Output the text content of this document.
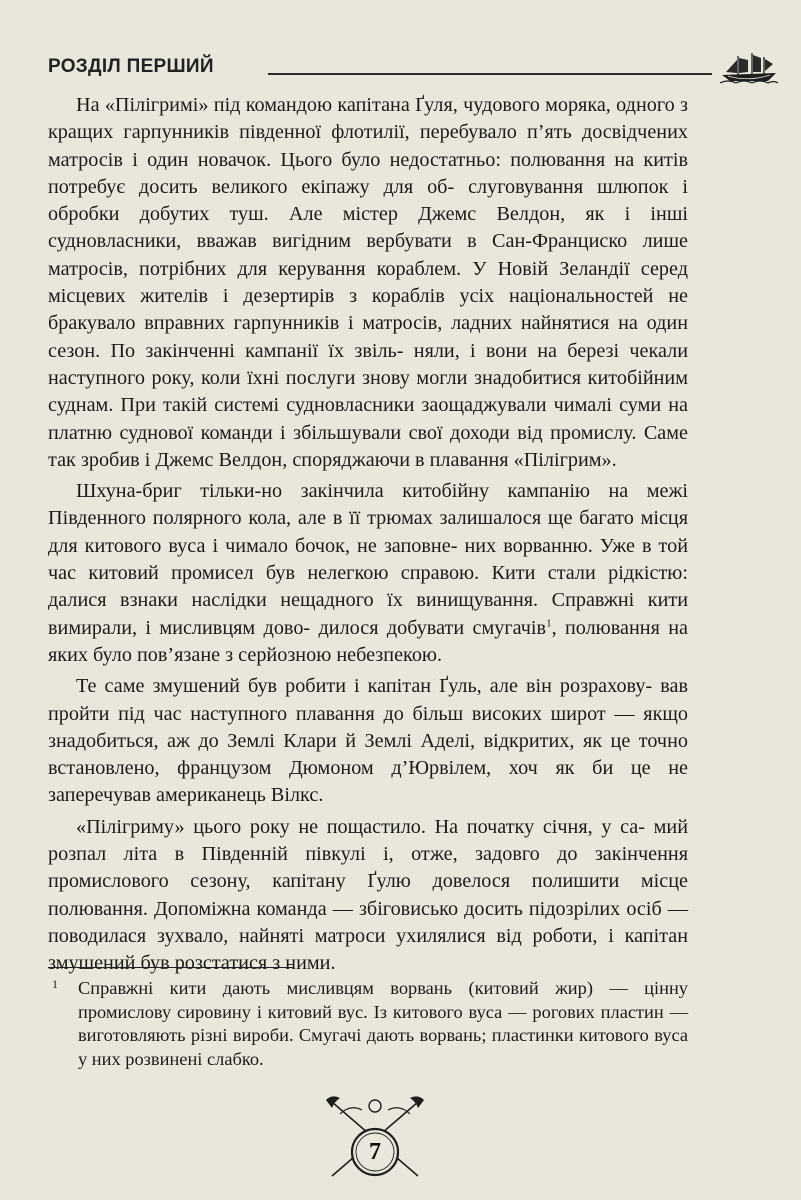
РОЗДІЛ ПЕРШИЙ

На «Пілігримі» під командою капітана Ґуля, чудового моряка, одного з кращих гарпунників південної флотилії, перебувало п’ять досвідчених матросів і один новачок. Цього було недостатньо: полювання на китів потребує досить великого екіпажу для об- слуговування шлюпок і обробки добутих туш. Але містер Джемс Велдон, як і інші судновласники, вважав вигідним вербувати в Сан-Франциско лише матросів, потрібних для керування кораблем. У Новій Зеландії серед місцевих жителів і дезертирів з кораблів усіх національностей не бракувало вправних гарпунників і матросів, ладних найнятися на один сезон. По закінченні кампанії їх звіль- няли, і вони на березі чекали наступного року, коли їхні послуги знову могли знадобитися китобійним суднам. При такій системі судновласники заощаджували чималі суми на платню суднової команди і збільшували свої доходи від промислу. Саме так зробив і Джемс Велдон, споряджаючи в плавання «Пілігрим».

Шхуна-бриг тільки-но закінчила китобійну кампанію на межі Південного полярного кола, але в її трюмах залишалося ще багато місця для китового вуса і чимало бочок, не заповне- них ворванню. Уже в той час китовий промисел був нелегкою справою. Кити стали рідкістю: далися взнаки наслідки нещадного їх винищування. Справжні кити вимирали, і мисливцям дово- дилося добувати смугачів$^1$, полювання на яких було пов’язане з серйозною небезпекою.

Те саме змушений був робити і капітан Ґуль, але він розрахову- вав пройти під час наступного плавання до більш високих широт — якщо знадобиться, аж до Землі Клари й Землі Аделі, відкритих, як це точно встановлено, французом Дюмоном д’Юрвілем, хоч як би це не заперечував американець Вілкс.

«Пілігриму» цього року не пощастило. На початку січня, у са- мий розпал літа в Південній півкулі і, отже, задовго до закінчення промислового сезону, капітану Ґулю довелося полишити місце полювання. Допоміжна команда — збіговисько досить підозрілих осіб — поводилася зухвало, найняті матроси ухилялися від роботи, і капітан змушений був розстатися з ними.

1 Справжні кити дають мисливцям ворвань (китовий жир) — цінну промислову сировину і китовий вус. Із китового вуса — рогових пластин — виготовляють різні вироби. Смугачі дають ворвань; пластинки китового вуса у них розвинені слабко.
7
